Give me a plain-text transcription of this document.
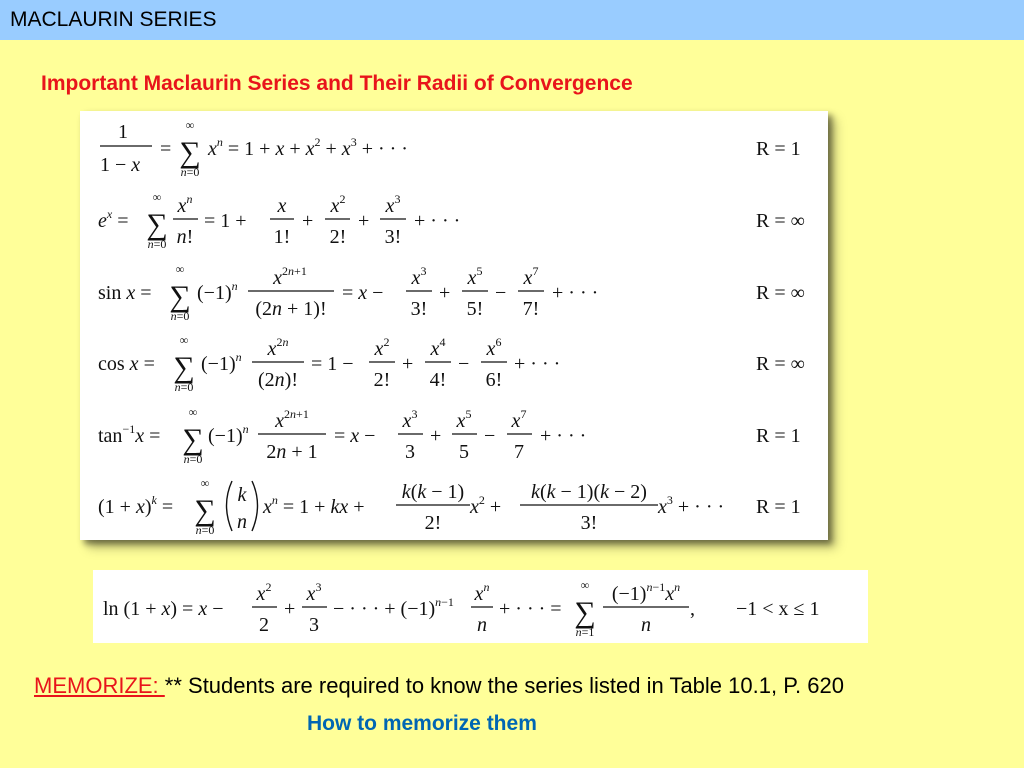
MACLAURIN SERIES
Important Maclaurin Series and Their Radii of Convergence
1
1 − x
=
∞
∑
n=0
$x^n = 1 + x + x^2 + x^3$ + · · ·	R = 1
$e^x$ =
∞
∑
n=0
$x^n$
n!
= 1 +
x
1!
+
$x^2$
2!
+
$x^3$
3!
+ · · ·	R = ∞
sin x =
∞
∑
n=0
$(-1)^n$ $x^{2n+1}$
(2n + 1)!
= x −
$x^3$
3!
+
$x^5$
5!
−
$x^7$
7!
+ · · ·	R = ∞
cos x =
∞
∑
n=0
$(-1)^n$ $x^{2n}$
(2n)!
= 1 −
$x^2$
2!
+
$x^4$
4!
−
$x^6$
6!
+ · · ·	R = ∞
$\tan^{-1}x$ =
∞
∑
n=0
$(-1)^n$ $x^{2n+1}$
2n + 1
= x −
$x^3$
3
+
$x^5$
5
−
$x^7$
7
+ · · ·	R = 1
$(1 + x)^k$ =
∞
∑
n=0
k
n
$x^n = 1$ + kx +
k(k − 1)
2!
$x^2$ +
k(k − 1)(k − 2)
3!
$x^3$ + · · · R = 1
ln (1 + x) = x −
$x^2$
2
+
$x^3$
3
− · · · + $(-1)^{n-1}$ $x^n$
n
+ · · · =
∞
∑
n=1
$(-1)^{n-1}x^n$
n
, −1 < x ≤ 1
MEMORIZE: ** Students are required to know the series listed in Table 10.1, P. 620
How to memorize them
